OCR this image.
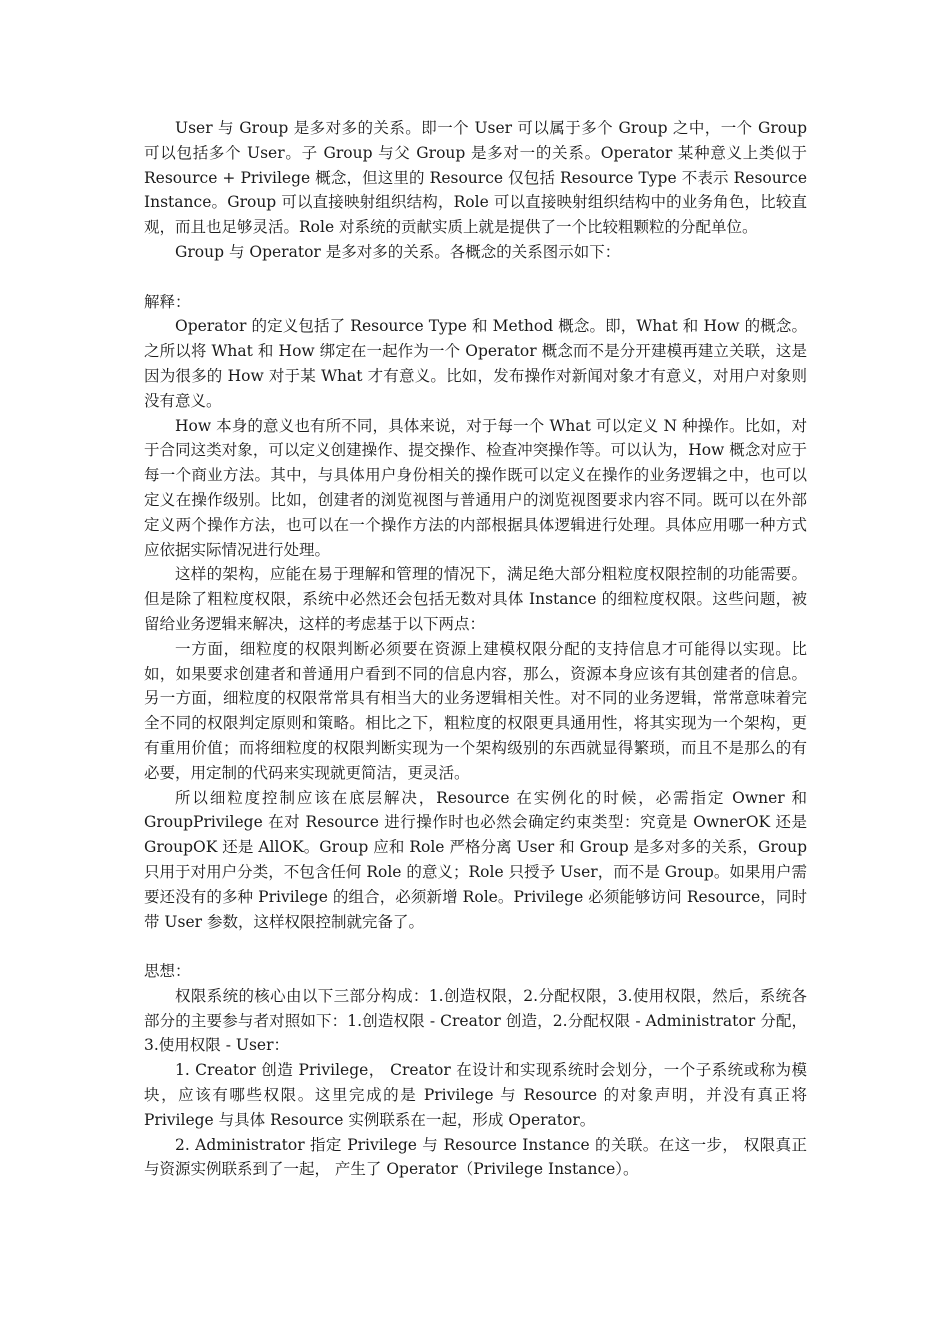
User 与 Group 是多对多的关系。即一个 User 可以属于多个 Group 之中，一个 Group 可以包括多个 User。子 Group 与父 Group 是多对一的关系。Operator 某种意义上类似于 Resource + Privilege 概念，但这里的 Resource 仅包括 Resource Type 不表示 Resource Instance。Group 可以直接映射组织结构，Role 可以直接映射组织结构中的业务角色，比较直观，而且也足够灵活。Role 对系统的贡献实质上就是提供了一个比较粗颗粒的分配单位。

Group 与 Operator 是多对多的关系。各概念的关系图示如下：

解释：

Operator 的定义包括了 Resource Type 和 Method 概念。即，What 和 How 的概念。之所以将 What 和 How 绑定在一起作为一个 Operator 概念而不是分开建模再建立关联，这是因为很多的 How 对于某 What 才有意义。比如，发布操作对新闻对象才有意义，对用户对象则没有意义。

How 本身的意义也有所不同，具体来说，对于每一个 What 可以定义 N 种操作。比如，对于合同这类对象，可以定义创建操作、提交操作、检查冲突操作等。可以认为，How 概念对应于每一个商业方法。其中，与具体用户身份相关的操作既可以定义在操作的业务逻辑之中，也可以定义在操作级别。比如，创建者的浏览视图与普通用户的浏览视图要求内容不同。既可以在外部定义两个操作方法，也可以在一个操作方法的内部根据具体逻辑进行处理。具体应用哪一种方式应依据实际情况进行处理。

这样的架构，应能在易于理解和管理的情况下，满足绝大部分粗粒度权限控制的功能需要。但是除了粗粒度权限，系统中必然还会包括无数对具体 Instance 的细粒度权限。这些问题，被留给业务逻辑来解决，这样的考虑基于以下两点：

一方面，细粒度的权限判断必须要在资源上建模权限分配的支持信息才可能得以实现。比如，如果要求创建者和普通用户看到不同的信息内容，那么，资源本身应该有其创建者的信息。另一方面，细粒度的权限常常具有相当大的业务逻辑相关性。对不同的业务逻辑，常常意味着完全不同的权限判定原则和策略。相比之下，粗粒度的权限更具通用性，将其实现为一个架构，更有重用价值；而将细粒度的权限判断实现为一个架构级别的东西就显得繁琐，而且不是那么的有必要，用定制的代码来实现就更简洁，更灵活。

所以细粒度控制应该在底层解决，Resource 在实例化的时候，必需指定 Owner 和 GroupPrivilege 在对 Resource 进行操作时也必然会确定约束类型：究竟是 OwnerOK 还是 GroupOK 还是 AllOK。Group 应和 Role 严格分离 User 和 Group 是多对多的关系，Group 只用于对用户分类，不包含任何 Role 的意义；Role 只授予 User，而不是 Group。如果用户需要还没有的多种 Privilege 的组合，必须新增 Role。Privilege 必须能够访问 Resource，同时带 User 参数，这样权限控制就完备了。

思想：

权限系统的核心由以下三部分构成：1.创造权限，2.分配权限，3.使用权限，然后，系统各部分的主要参与者对照如下：1.创造权限 - Creator 创造，2.分配权限 - Administrator 分配，3.使用权限 - User：

1. Creator 创造 Privilege， Creator 在设计和实现系统时会划分，一个子系统或称为模块，应该有哪些权限。这里完成的是 Privilege 与 Resource 的对象声明，并没有真正将 Privilege 与具体 Resource 实例联系在一起，形成 Operator。

2. Administrator 指定 Privilege 与 Resource Instance 的关联。在这一步， 权限真正与资源实例联系到了一起， 产生了 Operator（Privilege Instance）。
